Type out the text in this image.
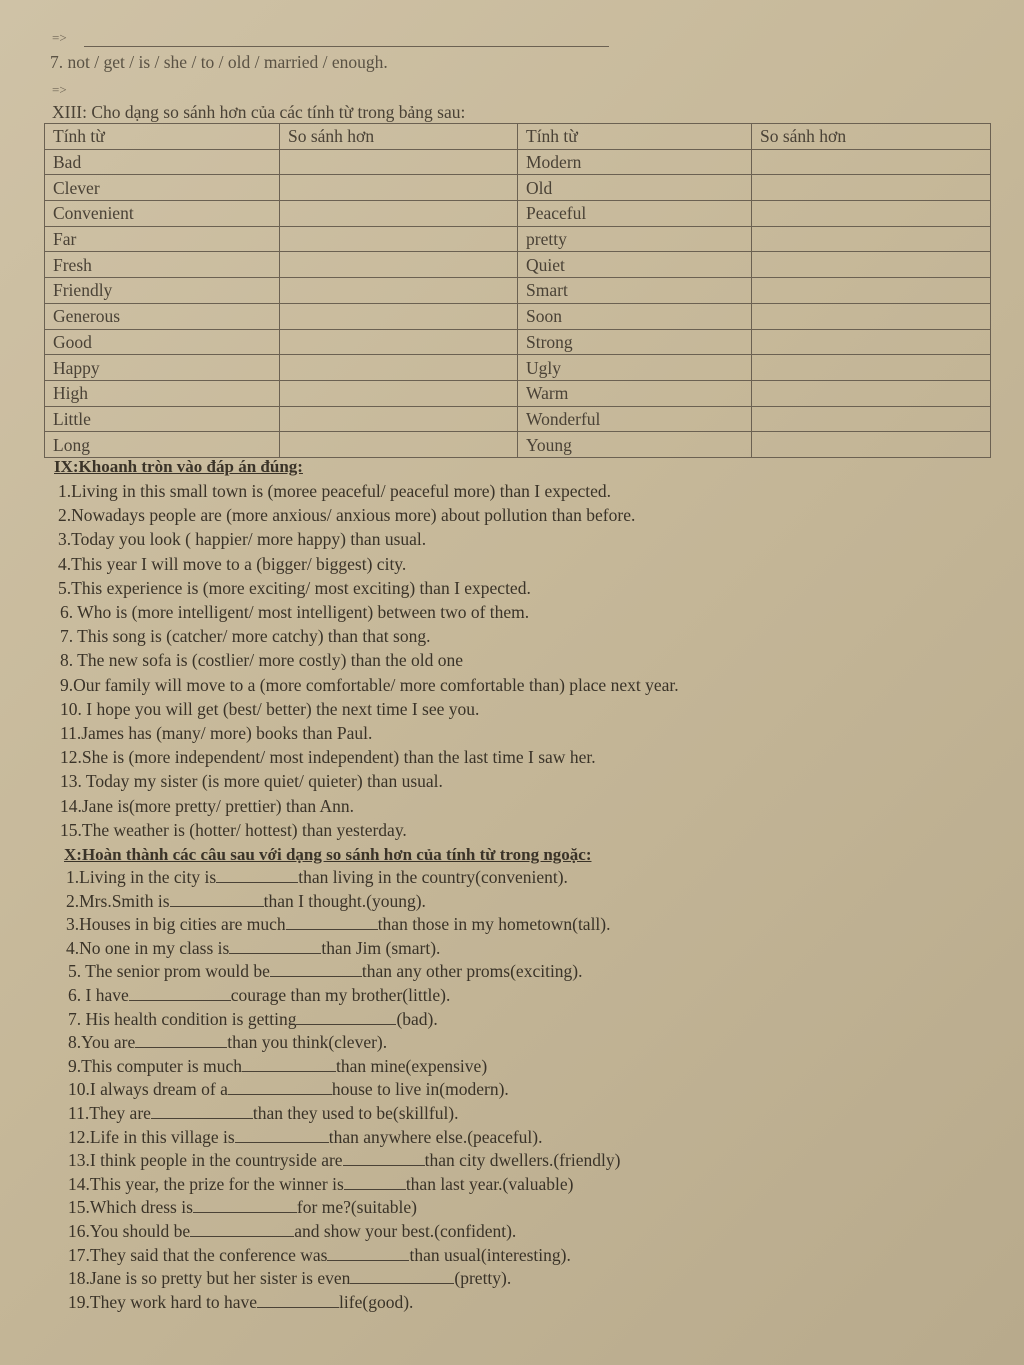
=>
7. not / get / is / she / to / old / married / enough.
=>
XIII: Cho dạng so sánh hơn của các tính từ trong bảng sau:
Tính từ	So sánh hơn	Tính từ	So sánh hơn
Bad		Modern	
Clever		Old	
Convenient		Peaceful	
Far		pretty	
Fresh		Quiet	
Friendly		Smart	
Generous		Soon	
Good		Strong	
Happy		Ugly	
High		Warm	
Little		Wonderful	
Long		Young	
IX:Khoanh tròn vào đáp án đúng:
1.Living in this small town is (moree peaceful/ peaceful more) than I expected.
2.Nowadays people are (more anxious/ anxious more) about pollution than before.
3.Today you look ( happier/ more happy) than usual.
4.This year I will move to a (bigger/ biggest) city.
5.This experience is (more exciting/ most exciting) than I expected.
6. Who is (more intelligent/ most intelligent) between two of them.
7. This song is (catcher/ more catchy) than that song.
8. The new sofa is (costlier/ more costly) than the old one
9.Our family will move to a (more comfortable/ more comfortable than) place next year.
10. I hope you will get (best/ better) the next time I see you.
11.James has (many/ more) books than Paul.
12.She is (more independent/ most independent) than the last time I saw her.
13. Today my sister (is more quiet/ quieter) than usual.
14.Jane is(more pretty/ prettier) than Ann.
15.The weather is (hotter/ hottest) than yesterday.
X:Hoàn thành các câu sau với dạng so sánh hơn của tính từ trong ngoặc:
1.Living in the city is	than living in the country(convenient).
2.Mrs.Smith is	than I thought.(young).
3.Houses in big cities are much	than those in my hometown(tall).
4.No one in my class is	than Jim (smart).
5. The senior prom would be	than any other proms(exciting).
6. I have	courage than my brother(little).
7. His health condition is getting	(bad).
8.You are	than you think(clever).
9.This computer is much	than mine(expensive)
10.I always dream of a	house to live in(modern).
11.They are	than they used to be(skillful).
12.Life in this village is	than anywhere else.(peaceful).
13.I think people in the countryside are	than city dwellers.(friendly)
14.This year, the prize for the winner is	than last year.(valuable)
15.Which dress is	for me?(suitable)
16.You should be	and show your best.(confident).
17.They said that the conference was	than usual(interesting).
18.Jane is so pretty but her sister is even	(pretty).
19.They work hard to have	life(good).
